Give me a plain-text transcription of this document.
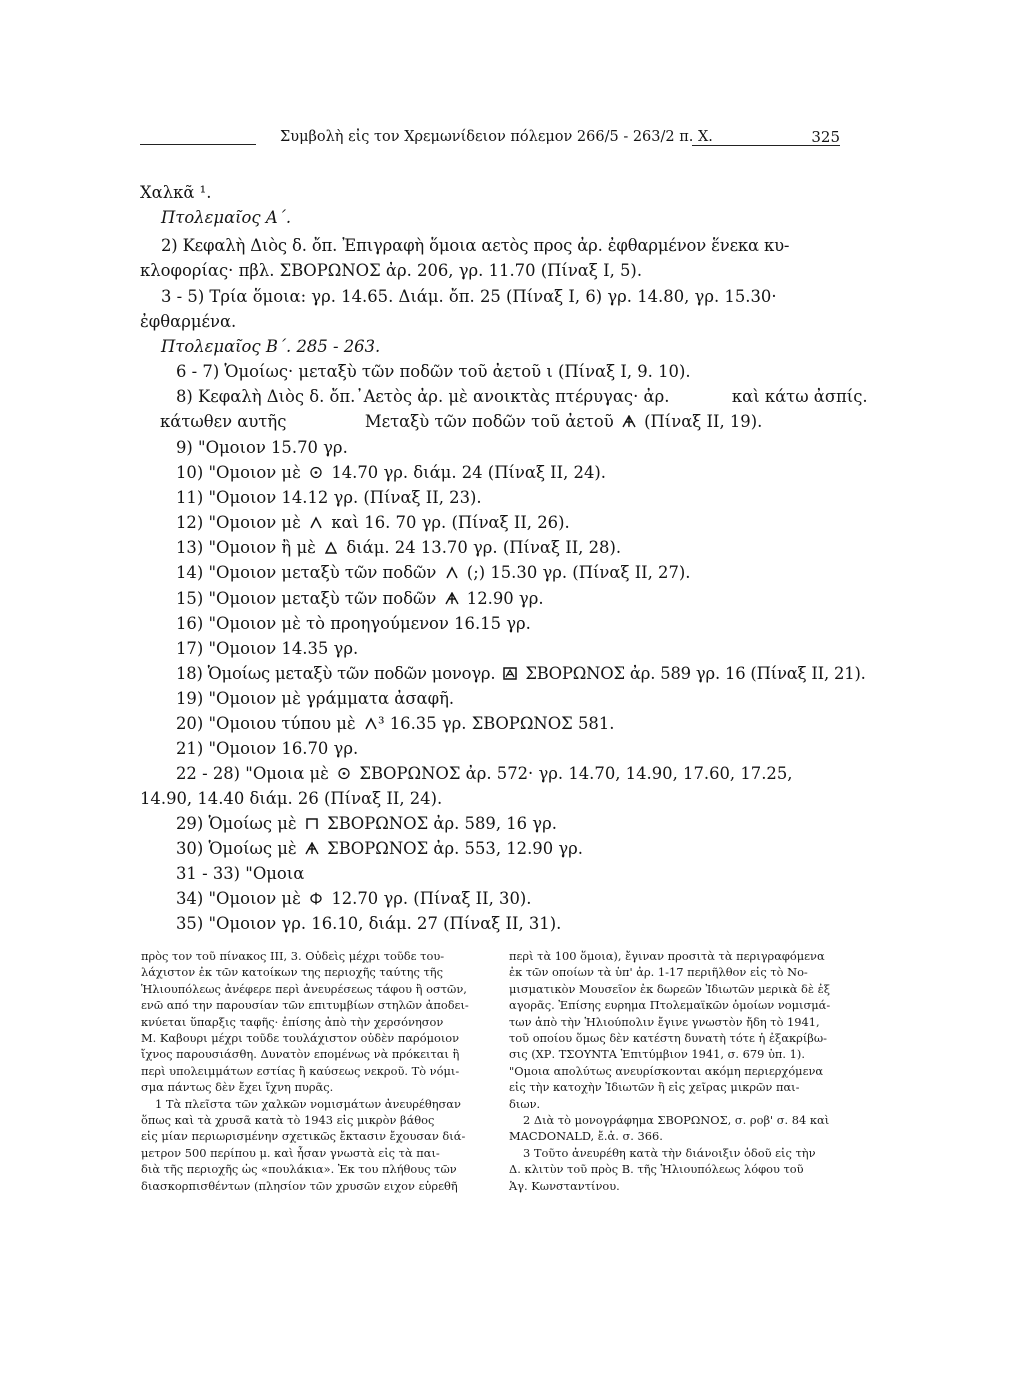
Συμβολὴ εἰς τον Χρεμωνίδειον πόλεμον 266/5 - 263/2 π. Χ.	325
Χαλκᾶ ¹.
Πτολεμαῖος Α΄.
2) Κεφαλὴ Διὸς δ. ὄπ. Ἐπιγραφὴ ὅμοια αετὸς προς ἀρ. ἐφθαρμένον ἕνεκα κυ-
κλοφορίας· πβλ. ΣΒΟΡΩΝΟΣ ἀρ. 206, γρ. 11.70 (Πίναξ Ι, 5).
3 - 5) Τρία ὅμοια: γρ. 14.65. Διάμ. ὄπ. 25 (Πίναξ Ι, 6) γρ. 14.80, γρ. 15.30·
ἐφθαρμένα.
Πτολεμαῖος Β΄. 285 - 263.
6 - 7) Ὁμοίως· μεταξὺ τῶν ποδῶν τοῦ ἀετοῦ ι (Πίναξ Ι, 9. 10).
8) Κεφαλὴ Διὸς δ. ὄπ.᾿Αετὸς ἀρ. μὲ ανοικτὰς πτέρυγας· ἀρ.	καὶ κάτω ἀσπίς.
κάτωθεν αυτῆς	Μεταξὺ τῶν ποδῶν τοῦ ἀετοῦ (Πίναξ ΙΙ, 19).
9) "Ομοιον 15.70 γρ.
10) "Ομοιον μὲ 14.70 γρ. διάμ. 24 (Πίναξ ΙΙ, 24).
11) "Ομοιον 14.12 γρ. (Πίναξ ΙΙ, 23).
12) "Ομοιον μὲ καὶ 16. 70 γρ. (Πίναξ ΙΙ, 26).
13) "Ομοιον ἢ μὲ διάμ. 24 13.70 γρ. (Πίναξ ΙΙ, 28).
14) "Ομοιον μεταξὺ τῶν ποδῶν (;) 15.30 γρ. (Πίναξ ΙΙ, 27).
15) "Ομοιον μεταξὺ τῶν ποδῶν 12.90 γρ.
16) "Ομοιον μὲ τὸ προηγούμενον 16.15 γρ.
17) "Ομοιον 14.35 γρ.
18) Ὁμοίως μεταξὺ τῶν ποδῶν μονογρ. ΣΒΟΡΩΝΟΣ ἀρ. 589 γρ. 16 (Πίναξ ΙΙ, 21).
19) "Ομοιον μὲ γράμματα ἀσαφῆ.
20) "Ομοιου τύπου μὲ ³ 16.35 γρ. ΣΒΟΡΩΝΟΣ 581.
21) "Ομοιον 16.70 γρ.
22 - 28) "Ομοια μὲ ΣΒΟΡΩΝΟΣ ἀρ. 572· γρ. 14.70, 14.90, 17.60, 17.25,
14.90, 14.40 διάμ. 26 (Πίναξ ΙΙ, 24).
29) Ὁμοίως μὲ ΣΒΟΡΩΝΟΣ ἀρ. 589, 16 γρ.
30) Ὁμοίως μὲ ΣΒΟΡΩΝΟΣ ἀρ. 553, 12.90 γρ.
31 - 33) "Ομοια
34) "Ομοιον μὲ 12.70 γρ. (Πίναξ ΙΙ, 30).
35) "Ομοιον γρ. 16.10, διάμ. 27 (Πίναξ ΙΙ, 31).

πρὸς τον τοῦ πίνακος ΙΙΙ, 3. Οὐδεὶς μέχρι τοῦδε του-

λάχιστον ἐκ τῶν κατοίκων της περιοχῆς ταύτης τῆς

Ἡλιουπόλεως ἀνέφερε περὶ ἀνευρέσεως τάφου ἢ οστῶν,

ενῶ από την παρουσίαν τῶν επιτυμβίων στηλῶν ἀποδει-

κνύεται ὕπαρξις ταφῆς· ἐπίσης ἀπὸ τὴν χερσόνησον

Μ. Καβουρι μέχρι τοῦδε τουλάχιστον οὐδὲν παρόμοιον

ἴχνος παρουσιάσθη. Δυνατὸν επομένως νὰ πρόκειται ἢ

περὶ υπολειμμάτων εστίας ἢ καύσεως νεκροῦ. Τὸ νόμι-

σμα πάντως δὲν ἔχει ἴχνη πυρᾶς.

1 Τὰ πλεῖστα τῶν χαλκῶν νομισμάτων ἀνευρέθησαν

ὅπως καὶ τὰ χρυσᾶ κατὰ τὸ 1943 εἰς μικρὸν βάθος

εἰς μίαν περιωρισμένην σχετικῶς ἔκτασιν ἔχουσαν διά-

μετρον 500 περίπου μ. καὶ ἦσαν γνωστὰ εἰς τὰ παι-

διὰ τῆς περιοχῆς ὡς «πουλάκια». Ἐκ του πλήθους τῶν

διασκορπισθέντων (πλησίον τῶν χρυσῶν ειχον εὑρεθῆ

περὶ τὰ 100 ὅμοια), ἔγιναν προσιτὰ τὰ περιγραφόμενα

ἐκ τῶν οποίων τὰ ὑπ' ἀρ. 1-17 περιῆλθον εἰς τὸ Νο-

μισματικὸν Μουσεῖον ἐκ δωρεῶν Ἰδιωτῶν μερικὰ δὲ ἐξ

αγορᾶς. Ἐπίσης ευρημα Πτολεμαϊκῶν ὁμοίων νομισμά-

των ἀπὸ τὴν Ἡλιούπολιν ἔγινε γνωστὸν ἤδη τὸ 1941,

τοῦ οποίου ὅμως δὲν κατέστη δυνατὴ τότε ἡ ἐξακρίβω-

σις (ΧΡ. ΤΣΟΥΝΤΑ Ἐπιτύμβιον 1941, σ. 679 ὑπ. 1).

"Ομοια απολύτως ανευρίσκονται ακόμη περιερχόμενα

εἰς τὴν κατοχὴν Ἰδιωτῶν ἢ εἰς χεῖρας μικρῶν παι-

διων.

2 Διὰ τὸ μονογράφημα ΣΒΟΡΩΝΟΣ, σ. ροβ' σ. 84 καὶ

MACDONALD, ἔ.ἀ. σ. 366.

3 Τοῦτο ἀνευρέθη κατὰ τὴν διάνοιξιν ὁδοῦ εἰς τὴν

Δ. κλιτὺν τοῦ πρὸς Β. τῆς Ἡλιουπόλεως λόφου τοῦ

Ἁγ. Κωνσταντίνου.
